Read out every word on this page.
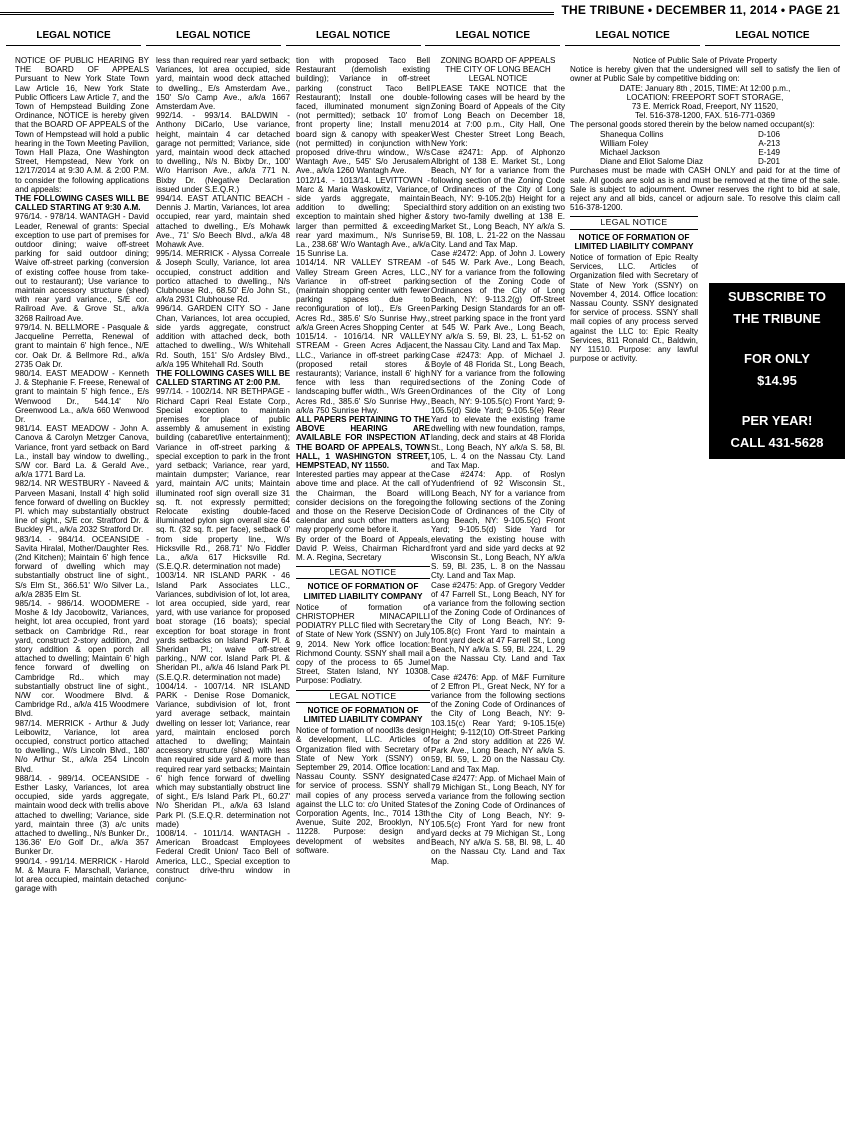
THE TRIBUNE • DECEMBER 11, 2014 • PAGE 21
LEGAL NOTICE	LEGAL NOTICE	LEGAL NOTICE	LEGAL NOTICE	LEGAL NOTICE	LEGAL NOTICE

NOTICE OF PUBLIC HEARING BY THE BOARD OF APPEALS Pursuant to New York State Town Law Article 16, New York State Public Officers Law Article 7, and the Town of Hempstead Building Zone Ordinance, NOTICE is hereby given that the BOARD OF APPEALS of the Town of Hempstead will hold a public hearing in the Town Meeting Pavilion, Town Hall Plaza, One Washington Street, Hempstead, New York on 12/17/2014 at 9:30 A.M. & 2:00 P.M. to consider the following applications and appeals:

THE FOLLOWING CASES WILL BE CALLED STARTING AT 9:30 A.M.

976/14. - 978/14. WANTAGH - David Leader, Renewal of grants: Special exception to use part of premises for outdoor dining; waive off-street parking for said outdoor dining; Waive off-street parking (conversion of existing coffee house from take-out to restaurant); Use variance to maintain accessory structure (shed) with rear yard variance., S/E cor. Railroad Ave. & Grove St., a/k/a 3268 Railroad Ave.

979/14. N. BELLMORE - Pasquale & Jacqueline Perretta, Renewal of grant to maintain 6' high fence., N/E cor. Oak Dr. & Bellmore Rd., a/k/a 2735 Oak Dr.

980/14. EAST MEADOW - Kenneth J. & Stephanie F. Freese, Renewal of grant to maintain 5' high fence., E/s Wenwood Dr., 544.14' N/o Greenwood La., a/k/a 660 Wenwood Dr.

981/14. EAST MEADOW - John A. Canova & Carolyn Metzger Canova, Variance, front yard setback on Bard La., install bay window to dwelling., S/W cor. Bard La. & Gerald Ave., a/k/a 1771 Bard La.

982/14. NR WESTBURY - Naveed & Parveen Masani, Install 4' high solid fence forward of dwelling on Buckley Pl. which may substantially obstruct line of sight., S/E cor. Stratford Dr. & Buckley Pl., a/k/a 2032 Stratford Dr.

983/14. - 984/14. OCEANSIDE - Savita Hiralal, Mother/Daughter Res. (2nd Kitchen); Maintain 6' high fence forward of dwelling which may substantially obstruct line of sight., S/s Elm St., 366.51' W/o Silver La., a/k/a 2835 Elm St.

985/14. - 986/14. WOODMERE - Moshe & Idy Jacobowitz, Variances, height, lot area occupied, front yard setback on Cambridge Rd., rear yard, construct 2-story addition, 2nd story addition & open porch all attached to dwelling; Maintain 6' high fence forward of dwelling on Cambridge Rd.. which may substantially obstruct line of sight., N/W cor. Woodmere Blvd. & Cambridge Rd., a/k/a 415 Woodmere Blvd.

987/14. MERRICK - Arthur & Judy Leibowitz, Variance, lot area occupied, construct portico attached to dwelling., W/s Lincoln Blvd., 180' N/o Arthur St., a/k/a 254 Lincoln Blvd.

988/14. - 989/14. OCEANSIDE - Esther Lasky, Variances, lot area occupied, side yards aggregate, maintain wood deck with trellis above attached to dwelling; Variance, side yard, maintain three (3) a/c units attached to dwelling., N/s Bunker Dr., 136.36' E/o Golf Dr., a/k/a 357 Bunker Dr.

990/14. - 991/14. MERRICK - Harold M. & Maura F. Marschall, Variance, lot area occupied, maintain detached garage with

less than required rear yard setback; Variances, lot area occupied, side yard, maintain wood deck attached to dwelling., E/s Amsterdam Ave., 150' S/o Camp Ave., a/k/a 1667 Amsterdam Ave.

992/14. - 993/14. BALDWIN - Anthony DiCarlo, Use variance, height, maintain 4 car detached garage not permitted; Variance, side yard, maintain wood deck attached to dwelling., N/s N. Bixby Dr., 100' W/o Harrison Ave., a/k/a 771 N. Bixby Dr. (Negative Declaration issued under S.E.Q.R.)

994/14. EAST ATLANTIC BEACH - Dennis J. Martin, Variances, lot area occupied, rear yard, maintain shed attached to dwelling., E/s Mohawk Ave., 71' S/o Beech Blvd., a/k/a 48 Mohawk Ave.

995/14. MERRICK - Alyssa Correale & Joseph Scully, Variance, lot area occupied, construct addition and portico attached to dwelling., N/s Clubhouse Rd., 68.50' E/o John St., a/k/a 2931 Clubhouse Rd.

996/14. GARDEN CITY SO - Jane Chan, Variances, lot area occupied, side yards aggregate, construct addition with attached deck, both attached to dwelling., W/s Whitehall Rd. South, 151' S/o Ardsley Blvd., a/k/a 195 Whitehall Rd. South

THE FOLLOWING CASES WILL BE CALLED STARTING AT 2:00 P.M.

997/14. - 1002/14. NR BETHPAGE - Richard Capri Real Estate Corp., Special exception to maintain premises for place of public assembly & amusement in existing building (cabaret/live entertainment); Variance in off-street parking & special exception to park in the front yard setback; Variance, rear yard, maintain dumpster; Variance, rear yard, maintain A/C units; Maintain illuminated roof sign overall size 31 sq. ft. not expressly permitted; Relocate existing double-faced illuminated pylon sign overall size 64 sq. ft. (32 sq. ft. per face), setback 0' from side property line., W/s Hicksville Rd., 268.71' N/o Fiddler La., a/k/a 617 Hicksville Rd. (S.E.Q.R. determination not made)

1003/14. NR ISLAND PARK - 46 Island Park Associates LLC., Variances, subdivision of lot, lot area, lot area occupied, side yard, rear yard, with use variance for proposed boat storage (16 boats); special exception for boat storage in front yards setbacks on Island Park Pl. & Sheridan Pl.; waive off-street parking., N/W cor. Island Park Pl. & Sheridan Pl., a/k/a 46 Island Park Pl. (S.E.Q.R. determination not made)

1004/14. - 1007/14. NR ISLAND PARK - Denise Rose Domanick, Variance, subdivision of lot, front yard average setback, maintain dwelling on lesser lot; Variance, rear yard, maintain enclosed porch attached to dwelling; Maintain accessory structure (shed) with less than required side yard & more than required rear yard setbacks; Maintain 6' high fence forward of dwelling which may substantially obstruct line of sight., E/s Island Park Pl., 60.27' N/o Sheridan Pl., a/k/a 63 Island Park Pl. (S.E.Q.R. determination not made)

1008/14. - 1011/14. WANTAGH - American Broadcast Employees Federal Credit Union/ Taco Bell of America, LLC., Special exception to construct drive-thru window in conjunc-

tion with proposed Taco Bell Restaurant (demolish existing building); Variance in off-street parking (construct Taco Bell Restaurant); Install one double-faced, illuminated monument sign (not permitted); setback 10' from front property line; Install menu board sign & canopy with speaker (not permitted) in conjunction with proposed drive-thru window., W/s Wantagh Ave., 545' S/o Jerusalem Ave., a/k/a 1260 Wantagh Ave.

1012/14. - 1013/14. LEVITTOWN - Marc & Maria Waskowitz, Variance, side yards aggregate, maintain addition to dwelling; Special exception to maintain shed higher & larger than permitted & exceeding rear yard maximum., N/s Sunrise La., 238.68' W/o Wantagh Ave., a/k/a 15 Sunrise La.

1014/14. NR VALLEY STREAM - Valley Stream Green Acres, LLC., Variance in off-street parking (maintain shopping center with fewer parking spaces due to reconfiguration of lot)., E/s Green Acres Rd., 385.6' S/o Sunrise Hwy., a/k/a Green Acres Shopping Center

1015/14. - 1016/14. NR VALLEY STREAM - Green Acres Adjacent, LLC., Variance in off-street parking (proposed retail stores & restaurants); Variance, install 6' high fence with less than required landscaping buffer width., W/s Green Acres Rd., 385.6' S/o Sunrise Hwy., a/k/a 750 Sunrise Hwy.

ALL PAPERS PERTAINING TO THE ABOVE HEARING ARE AVAILABLE FOR INSPECTION AT THE BOARD OF APPEALS, TOWN HALL, 1 WASHINGTON STREET, HEMPSTEAD, NY 11550.

Interested parties may appear at the above time and place. At the call of the Chairman, the Board will consider decisions on the foregoing and those on the Reserve Decision calendar and such other matters as may properly come before it.

By order of the Board of Appeals, David P. Weiss, Chairman Richard M. A. Regina, Secretary

LEGAL NOTICE
NOTICE OF FORMATION OF LIMITED LIABILITY COMPANY

Notice of formation of CHRISTOPHER MINACAPILLI PODIATRY PLLC filed with Secretary of State of New York (SSNY) on July 9, 2014. New York office location: Richmond County. SSNY shall mail a copy of the process to 65 Jumel Street, Staten Island, NY 10308. Purpose: Podiatry.

LEGAL NOTICE
NOTICE OF FORMATION OF LIMITED LIABILITY COMPANY

Notice of formation of noodl3s design & development, LLC. Articles of Organization filed with Secretary of State of New York (SSNY) on September 29, 2014. Office location: Nassau County. SSNY designated for service of process. SSNY shall mail copies of any process served against the LLC to: c/o United States Corporation Agents, Inc., 7014 13th Avenue, Suite 202, Brooklyn, NY 11228. Purpose: design and development of websites and software.

ZONING BOARD OF APPEALS
THE CITY OF LONG BEACH
LEGAL NOTICE

PLEASE TAKE NOTICE that the following cases will be heard by the Zoning Board of Appeals of the City of Long Beach on December 18, 2014 at 7:00 p.m., City Hall, One West Chester Street Long Beach, New York:

Case #2471: App. of Alphonzo Albright of 138 E. Market St., Long Beach, NY for a variance from the following section of the Zoning Code of Ordinances of the City of Long Beach, NY: 9-105.2(b) Height for a third story addition on an existing two story two-family dwelling at 138 E. Market St., Long Beach, NY a/k/a S. 59, Bl. 108, L. 21-22 on the Nassau City. Land and Tax Map.

Case #2472: App. of John J. Lowery of 545 W. Park Ave., Long Beach, NY for a variance from the following section of the Zoning Code of Ordinances of the City of Long Beach, NY: 9-113.2(g) Off-Street Parking Design Standards for an off-street parking space in the front yard at 545 W. Park Ave., Long Beach, NY a/k/a S. 59, Bl. 23, L. 51-52 on the Nassau City. Land and Tax Map.

Case #2473: App. of Michael J. Boyle of 48 Florida St., Long Beach, NY for a variance from the following sections of the Zoning Code of Ordinances of the City of Long Beach, NY: 9-105.5(c) Front Yard; 9-105.5(d) Side Yard; 9-105.5(e) Rear Yard to elevate the existing frame dwelling with new foundation, ramps, landing, deck and stairs at 48 Florida St., Long Beach, NY a/k/a S. 58, Bl. 105, L. 4 on the Nassau Cty. Land and Tax Map.

Case #2474: App. of Roslyn Yudenfriend of 92 Wisconsin St., Long Beach, NY for a variance from the following sections of the Zoning Code of Ordinances of the City of Long Beach, NY: 9-105.5(c) Front Yard; 9-105.5(d) Side Yard for elevating the existing house with front yard and side yard decks at 92 Wisconsin St., Long Beach, NY a/k/a S. 59, Bl. 235, L. 8 on the Nassau Cty. Land and Tax Map.

Case #2475: App. of Gregory Vedder of 47 Farrell St., Long Beach, NY for a variance from the following section of the Zoning Code of Ordinances of the City of Long Beach, NY: 9-105.8(c) Front Yard to maintain a front yard deck at 47 Farrell St., Long Beach, NY a/k/a S. 59, Bl. 224, L. 29 on the Nassau Cty. Land and Tax Map.

Case #2476: App. of M&F Furniture of 2 Effron Pl., Great Neck, NY for a variance from the following sections of the Zoning Code of Ordinances of the City of Long Beach, NY: 9-103.15(c) Rear Yard; 9-105.15(e) Height; 9-112(10) Off-Street Parking for a 2nd story addition at 226 W. Park Ave., Long Beach, NY a/k/a S. 59, Bl. 59, L. 20 on the Nassau Cty. Land and Tax Map.

Case #2477: App. of Michael Main of 79 Michigan St., Long Beach, NY for a variance from the following section of the Zoning Code of Ordinances of the City of Long Beach, NY: 9-105.5(c) Front Yard for new front yard decks at 79 Michigan St., Long Beach, NY a/k/a S. 58, Bl. 98, L. 40 on the Nassau Cty. Land and Tax Map.

Notice of Public Sale of Private Property

Notice is hereby given that the undersigned will sell to satisfy the lien of owner at Public Sale by competitive bidding on:

DATE: January 8th , 2015, TIME: At 12:00 p.m.,
LOCATION: FREEPORT SOFT STORAGE,
73 E. Merrick Road, Freeport, NY 11520,
Tel. 516-378-1200, FAX. 516-771-0369
The personal goods stored therein by the below named occupant(s):
Shanequa Collins	D-106
William Foley	A-213
Michael Jackson	E-149
Diane and Eliot Salome Diaz	D-201

Purchases must be made with CASH ONLY and paid for at the time of sale. All goods are sold as is and must be removed at the time of the sale. Sale is subject to adjournment. Owner reserves the right to bid at sale, reject any and all bids, cancel or adjourn sale. To resolve this claim call 516-378-1200.

LEGAL NOTICE
NOTICE OF FORMATION OF LIMITED LIABILITY COMPANY

Notice of formation of Epic Realty Services, LLC. Articles of Organization filed with Secretary of State of New York (SSNY) on November 4, 2014. Office location: Nassau County. SSNY designated for service of process. SSNY shall mail copies of any process served against the LLC to: Epic Realty Services, 811 Ronald Ct., Baldwin, NY 11510. Purpose: any lawful purpose or activity.

SUBSCRIBE TO
THE TRIBUNE
FOR ONLY
$14.95
PER YEAR!
CALL 431-5628
